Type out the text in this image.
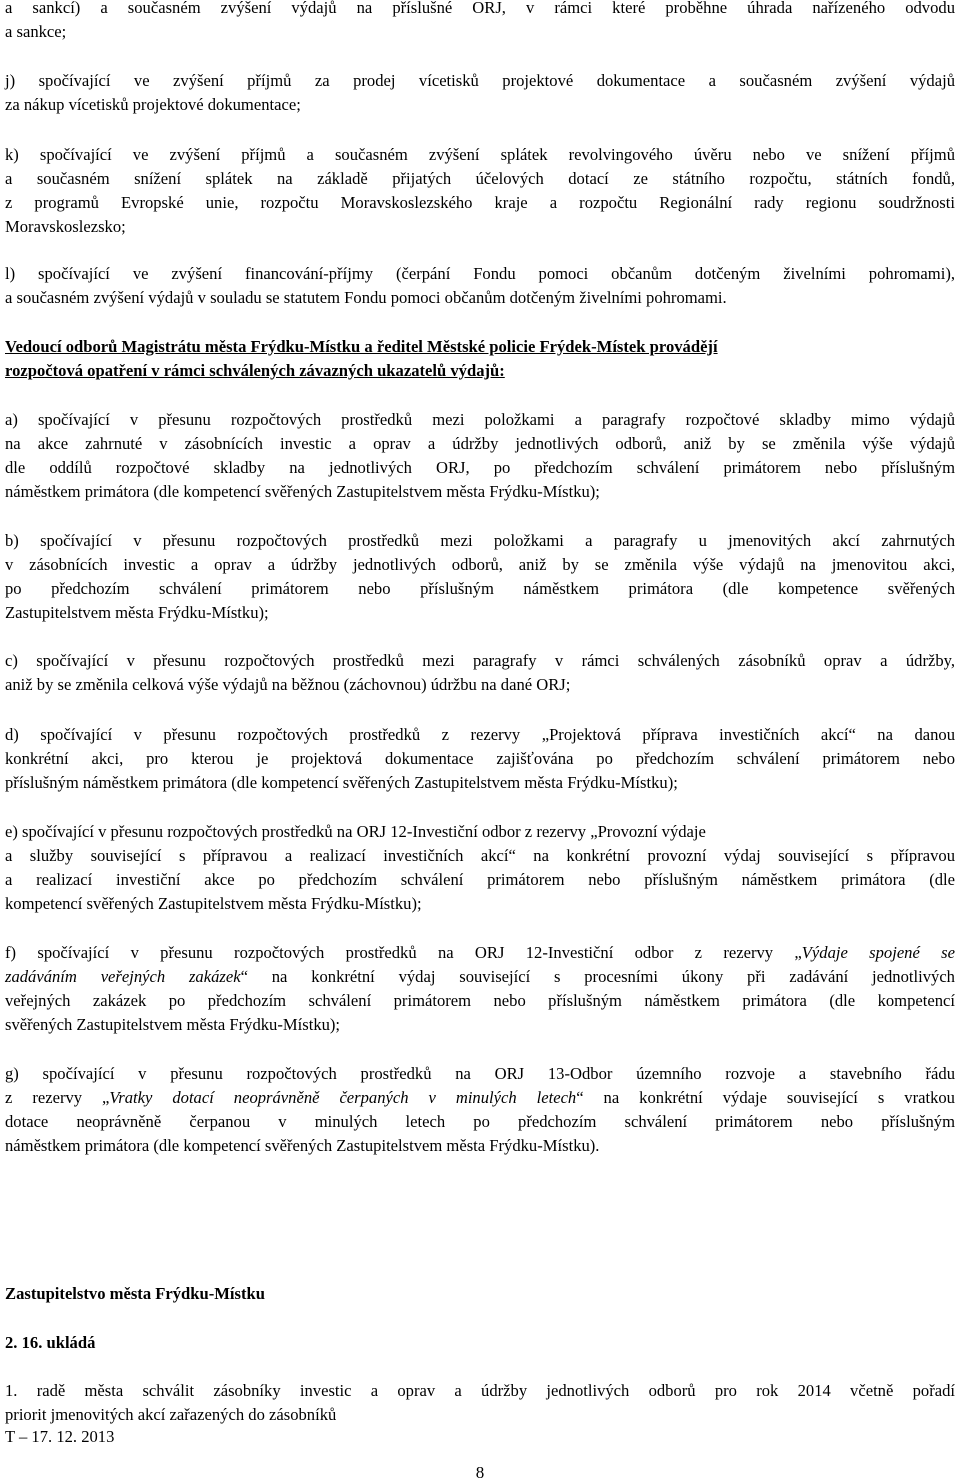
a sankcí) a současném zvýšení výdajů na příslušné ORJ, v rámci které proběhne úhrada nařízeného odvodu
a sankce;
j) spočívající ve zvýšení příjmů za prodej vícetisků projektové dokumentace a současném zvýšení výdajů
za nákup vícetisků projektové dokumentace;
k) spočívající ve zvýšení příjmů a současném zvýšení splátek revolvingového úvěru nebo ve snížení příjmů
a současném snížení splátek na základě přijatých účelových dotací ze státního rozpočtu, státních fondů,
z programů Evropské unie, rozpočtu Moravskoslezského kraje a rozpočtu Regionální rady regionu soudržnosti
Moravskoslezsko;
l) spočívající ve zvýšení financování-příjmy (čerpání Fondu pomoci občanům dotčeným živelními pohromami),
a současném zvýšení výdajů v souladu se statutem Fondu pomoci občanům dotčeným živelními pohromami.
Vedoucí odborů Magistrátu města Frýdku-Místku a ředitel Městské policie Frýdek-Místek provádějí
rozpočtová opatření v rámci schválených závazných ukazatelů výdajů:
a) spočívající v přesunu rozpočtových prostředků mezi položkami a paragrafy rozpočtové skladby mimo výdajů
na akce zahrnuté v zásobnících investic a oprav a údržby jednotlivých odborů, aniž by se změnila výše výdajů
dle oddílů rozpočtové skladby na jednotlivých ORJ, po předchozím schválení primátorem nebo příslušným
náměstkem primátora (dle kompetencí svěřených Zastupitelstvem města Frýdku-Místku);
b) spočívající v přesunu rozpočtových prostředků mezi položkami a paragrafy u jmenovitých akcí zahrnutých
v zásobnících investic a oprav a údržby jednotlivých odborů, aniž by se změnila výše výdajů na jmenovitou akci,
po předchozím schválení primátorem nebo příslušným náměstkem primátora (dle kompetence svěřených
Zastupitelstvem města Frýdku-Místku);
c) spočívající v přesunu rozpočtových prostředků mezi paragrafy v rámci schválených zásobníků oprav a údržby,
aniž by se změnila celková výše výdajů na běžnou (záchovnou) údržbu na dané ORJ;
d) spočívající v přesunu rozpočtových prostředků z rezervy „Projektová příprava investičních akcí“ na danou
konkrétní akci, pro kterou je projektová dokumentace zajišťována po předchozím schválení primátorem nebo
příslušným náměstkem primátora (dle kompetencí svěřených Zastupitelstvem města Frýdku-Místku);
e) spočívající v přesunu rozpočtových prostředků na ORJ 12-Investiční odbor z rezervy „Provozní výdaje
a služby související s přípravou a realizací investičních akcí“ na konkrétní provozní výdaj související s přípravou
a realizací investiční akce po předchozím schválení primátorem nebo příslušným náměstkem primátora (dle
kompetencí svěřených Zastupitelstvem města Frýdku-Místku);
f) spočívající v přesunu rozpočtových prostředků na ORJ 12-Investiční odbor z rezervy „Výdaje spojené se
zadáváním veřejných zakázek“ na konkrétní výdaj související s procesními úkony při zadávání jednotlivých
veřejných zakázek po předchozím schválení primátorem nebo příslušným náměstkem primátora (dle kompetencí
svěřených Zastupitelstvem města Frýdku-Místku);
g) spočívající v přesunu rozpočtových prostředků na ORJ 13-Odbor územního rozvoje a stavebního řádu
z rezervy „Vratky dotací neoprávněně čerpaných v minulých letech“ na konkrétní výdaje související s vratkou
dotace neoprávněně čerpanou v minulých letech po předchozím schválení primátorem nebo příslušným
náměstkem primátora (dle kompetencí svěřených Zastupitelstvem města Frýdku-Místku).
Zastupitelstvo města Frýdku-Místku
2. 16. ukládá
1. radě města schválit zásobníky investic a oprav a údržby jednotlivých odborů pro rok 2014 včetně pořadí
priorit jmenovitých akcí zařazených do zásobníků
T – 17. 12. 2013
8
